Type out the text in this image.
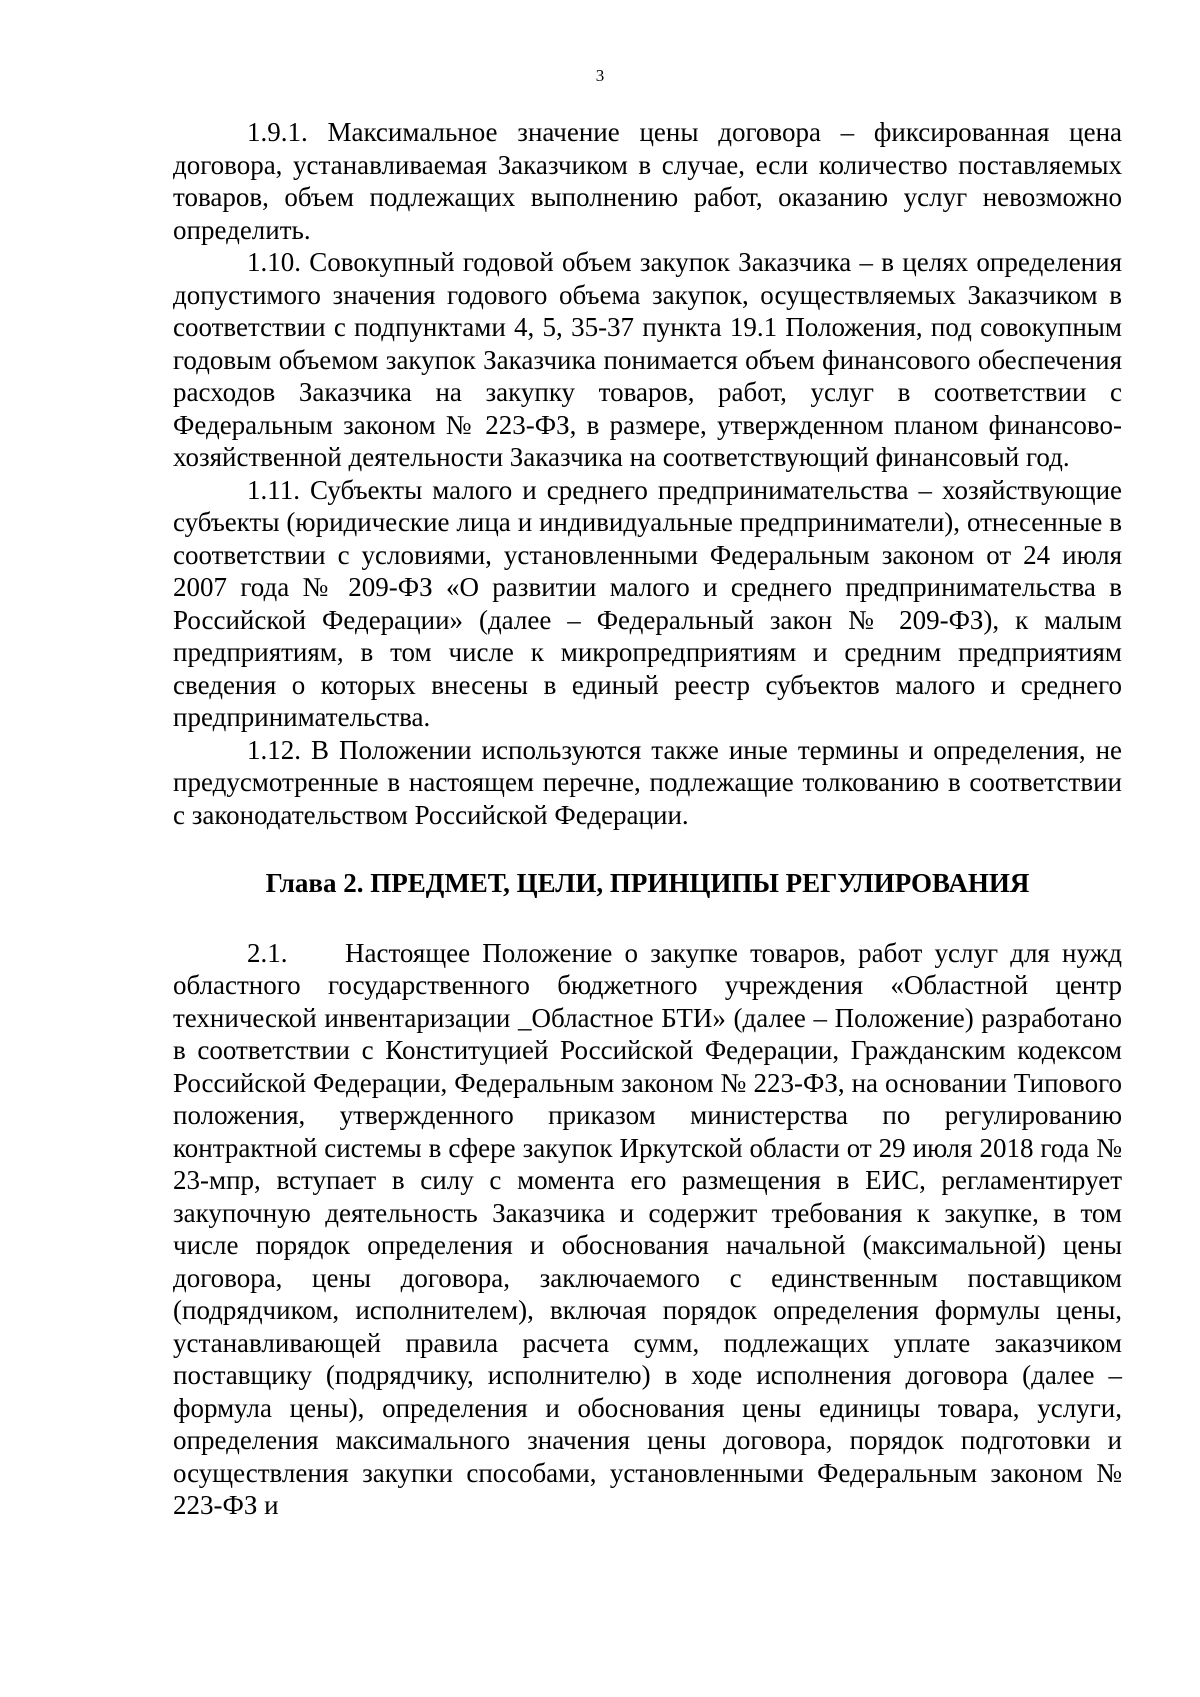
3

1.9.1. Максимальное значение цены договора – фиксированная цена договора, устанавливаемая Заказчиком в случае, если количество поставляемых товаров, объем подлежащих выполнению работ, оказанию услуг невозможно определить.

1.10. Совокупный годовой объем закупок Заказчика – в целях определения допустимого значения годового объема закупок, осуществляемых Заказчиком в соответствии с подпунктами 4, 5, 35-37 пункта 19.1 Положения, под совокупным годовым объемом закупок Заказчика понимается объем финансового обеспечения расходов Заказчика на закупку товаров, работ, услуг в соответствии с Федеральным законом № 223-ФЗ, в размере, утвержденном планом финансово-хозяйственной деятельности Заказчика на соответствующий финансовый год.

1.11. Субъекты малого и среднего предпринимательства – хозяйствующие субъекты (юридические лица и индивидуальные предприниматели), отнесенные в соответствии с условиями, установленными Федеральным законом от 24 июля 2007 года № 209-ФЗ «О развитии малого и среднего предпринимательства в Российской Федерации» (далее – Федеральный закон № 209-ФЗ), к малым предприятиям, в том числе к микропредприятиям и средним предприятиям сведения о которых внесены в единый реестр субъектов малого и среднего предпринимательства.

1.12. В Положении используются также иные термины и определения, не предусмотренные в настоящем перечне, подлежащие толкованию в соответствии с законодательством Российской Федерации.

Глава 2. ПРЕДМЕТ, ЦЕЛИ, ПРИНЦИПЫ РЕГУЛИРОВАНИЯ

2.1. Настоящее Положение о закупке товаров, работ услуг для нужд областного государственного бюджетного учреждения «Областной центр технической инвентаризации _Областное БТИ» (далее – Положение) разработано в соответствии с Конституцией Российской Федерации, Гражданским кодексом Российской Федерации, Федеральным законом № 223-ФЗ, на основании Типового положения, утвержденного приказом министерства по регулированию контрактной системы в сфере закупок Иркутской области от 29 июля 2018 года № 23-мпр, вступает в силу с момента его размещения в ЕИС, регламентирует закупочную деятельность Заказчика и содержит требования к закупке, в том числе порядок определения и обоснования начальной (максимальной) цены договора, цены договора, заключаемого с единственным поставщиком (подрядчиком, исполнителем), включая порядок определения формулы цены, устанавливающей правила расчета сумм, подлежащих уплате заказчиком поставщику (подрядчику, исполнителю) в ходе исполнения договора (далее – формула цены), определения и обоснования цены единицы товара, услуги, определения максимального значения цены договора, порядок подготовки и осуществления закупки способами, установленными Федеральным законом № 223-ФЗ и
